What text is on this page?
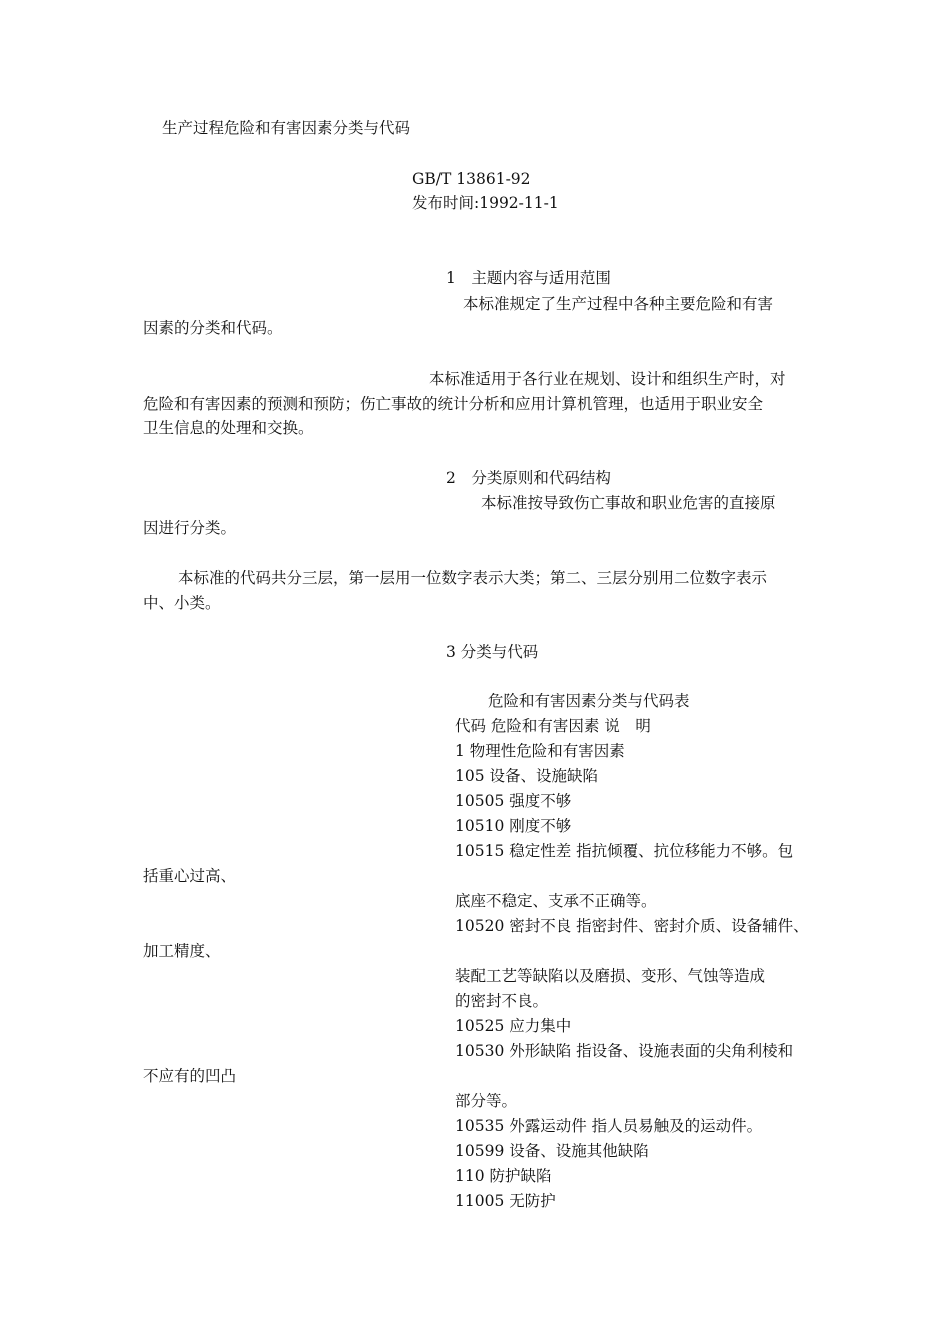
生产过程危险和有害因素分类与代码
GB/T 13861-92
发布时间:1992-11-1
1　主题内容与适用范围
本标准规定了生产过程中各种主要危险和有害
因素的分类和代码。
本标准适用于各行业在规划、设计和组织生产时，对
危险和有害因素的预测和预防；伤亡事故的统计分析和应用计算机管理，也适用于职业安全
卫生信息的处理和交换。
2　分类原则和代码结构
本标准按导致伤亡事故和职业危害的直接原
因进行分类。
本标准的代码共分三层，第一层用一位数字表示大类；第二、三层分别用二位数字表示
中、小类。
3 分类与代码
危险和有害因素分类与代码表
代码 危险和有害因素 说　明
1 物理性危险和有害因素
105 设备、设施缺陷
10505 强度不够
10510 刚度不够
10515 稳定性差 指抗倾覆、抗位移能力不够。包
括重心过高、
底座不稳定、支承不正确等。
10520 密封不良 指密封件、密封介质、设备辅件、
加工精度、
装配工艺等缺陷以及磨损、变形、气蚀等造成
的密封不良。
10525 应力集中
10530 外形缺陷 指设备、设施表面的尖角利棱和
不应有的凹凸
部分等。
10535 外露运动件 指人员易触及的运动件。
10599 设备、设施其他缺陷
110 防护缺陷
11005 无防护
